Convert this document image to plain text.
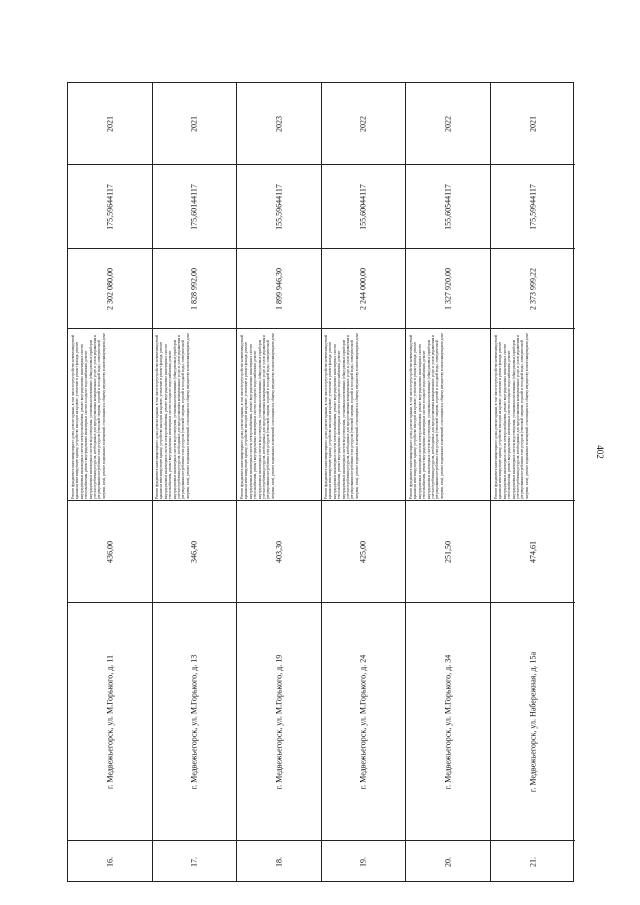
402
2021
175,59644117
2 302 080,00
Ремонт фундамента многоквартирного дома, ремонт крыши, в том числе переустройство невентилируемой крыши на вентилируемую крышу, устройство выходов на кровлю, утепление и ремонт фасада, ремонт внутридомовых инженерных систем электроснабжения, ремонт внутридомовых инженерных систем теплоснабжения, ремонт внутридомовых инженерных систем холодного водоснабжения, ремонт внутридомовых инженерных систем водоотведения, установка коллективных (общедомовых) приборов учета потребления ресурсов, необходимых для предоставления коммунальных услуг, и узлов управления и регулирования потребления этих ресурсов (тепловой энергии, горячей и холодной воды, электрической энергии, газа), ремонт подвальных помещений, относящихся к общему имуществу в многоквартирном доме
436,00
г. Медвежьегорск, ул. М.Горького, д. 11
16.
2021
175,60144117
1 828 992,00
Ремонт фундамента многоквартирного дома, ремонт крыши, в том числе переустройство невентилируемой крыши на вентилируемую крышу, устройство выходов на кровлю, утепление и ремонт фасада, ремонт внутридомовых инженерных систем электроснабжения, ремонт внутридомовых инженерных систем теплоснабжения, ремонт внутридомовых инженерных систем холодного водоснабжения, ремонт внутридомовых инженерных систем водоотведения, установка коллективных (общедомовых) приборов учета потребления ресурсов, необходимых для предоставления коммунальных услуг, и узлов управления и регулирования потребления этих ресурсов (тепловой энергии, горячей и холодной воды, электрической энергии, газа), ремонт подвальных помещений, относящихся к общему имуществу в многоквартирном доме
346,40
г. Медвежьегорск, ул. М.Горького, д. 13
17.
2023
155,59644117
1 899 946,30
Ремонт фундамента многоквартирного дома, ремонт крыши, в том числе переустройство невентилируемой крыши на вентилируемую крышу, устройство выходов на кровлю, утепление и ремонт фасада, ремонт внутридомовых инженерных систем электроснабжения, ремонт внутридомовых инженерных систем теплоснабжения, ремонт внутридомовых инженерных систем холодного водоснабжения, ремонт внутридомовых инженерных систем водоотведения, установка коллективных (общедомовых) приборов учета потребления ресурсов, необходимых для предоставления коммунальных услуг, и узлов управления и регулирования потребления этих ресурсов (тепловой энергии, горячей и холодной воды, электрической энергии, газа), ремонт подвальных помещений, относящихся к общему имуществу в многоквартирном доме
403,30
г. Медвежьегорск, ул. М.Горького, д. 19
18.
2022
155,60044117
2 244 000,00
Ремонт фундамента многоквартирного дома, ремонт крыши, в том числе переустройство невентилируемой крыши на вентилируемую крышу, устройство выходов на кровлю, утепление и ремонт фасада, ремонт внутридомовых инженерных систем электроснабжения, ремонт внутридомовых инженерных систем теплоснабжения, ремонт внутридомовых инженерных систем холодного водоснабжения, ремонт внутридомовых инженерных систем водоотведения, установка коллективных (общедомовых) приборов учета потребления ресурсов, необходимых для предоставления коммунальных услуг, и узлов управления и регулирования потребления этих ресурсов (тепловой энергии, горячей и холодной воды, электрической энергии, газа), ремонт подвальных помещений, относящихся к общему имуществу в многоквартирном доме
425,00
г. Медвежьегорск, ул. М.Горького, д. 24
19.
2022
155,60544117
1 327 920,00
Ремонт фундамента многоквартирного дома, ремонт крыши, в том числе переустройство невентилируемой крыши на вентилируемую крышу, устройство выходов на кровлю, утепление и ремонт фасада, ремонт внутридомовых инженерных систем электроснабжения, ремонт внутридомовых инженерных систем теплоснабжения, ремонт внутридомовых инженерных систем холодного водоснабжения, ремонт внутридомовых инженерных систем водоотведения, установка коллективных (общедомовых) приборов учета потребления ресурсов, необходимых для предоставления коммунальных услуг, и узлов управления и регулирования потребления этих ресурсов (тепловой энергии, горячей и холодной воды, электрической энергии, газа), ремонт подвальных помещений, относящихся к общему имуществу в многоквартирном доме
251,50
г. Медвежьегорск, ул. М.Горького, д. 34
20.
2021
175,59944117
2 373 999,22
Ремонт фундамента многоквартирного дома, ремонт крыши, в том числе переустройство невентилируемой крыши на вентилируемую крышу, устройство выходов на кровлю, утепление и ремонт фасада, ремонт внутридомовых инженерных систем электроснабжения, ремонт внутридомовых инженерных систем теплоснабжения, ремонт внутридомовых инженерных систем холодного водоснабжения, ремонт внутридомовых инженерных систем водоотведения, установка коллективных (общедомовых) приборов учета потребления ресурсов, необходимых для предоставления коммунальных услуг, и узлов управления и регулирования потребления этих ресурсов (тепловой энергии, горячей и холодной воды, электрической энергии, газа), ремонт подвальных помещений, относящихся к общему имуществу в многоквартирном доме
474,61
г. Медвежьегорск, ул. Набережная, д. 15а
21.
